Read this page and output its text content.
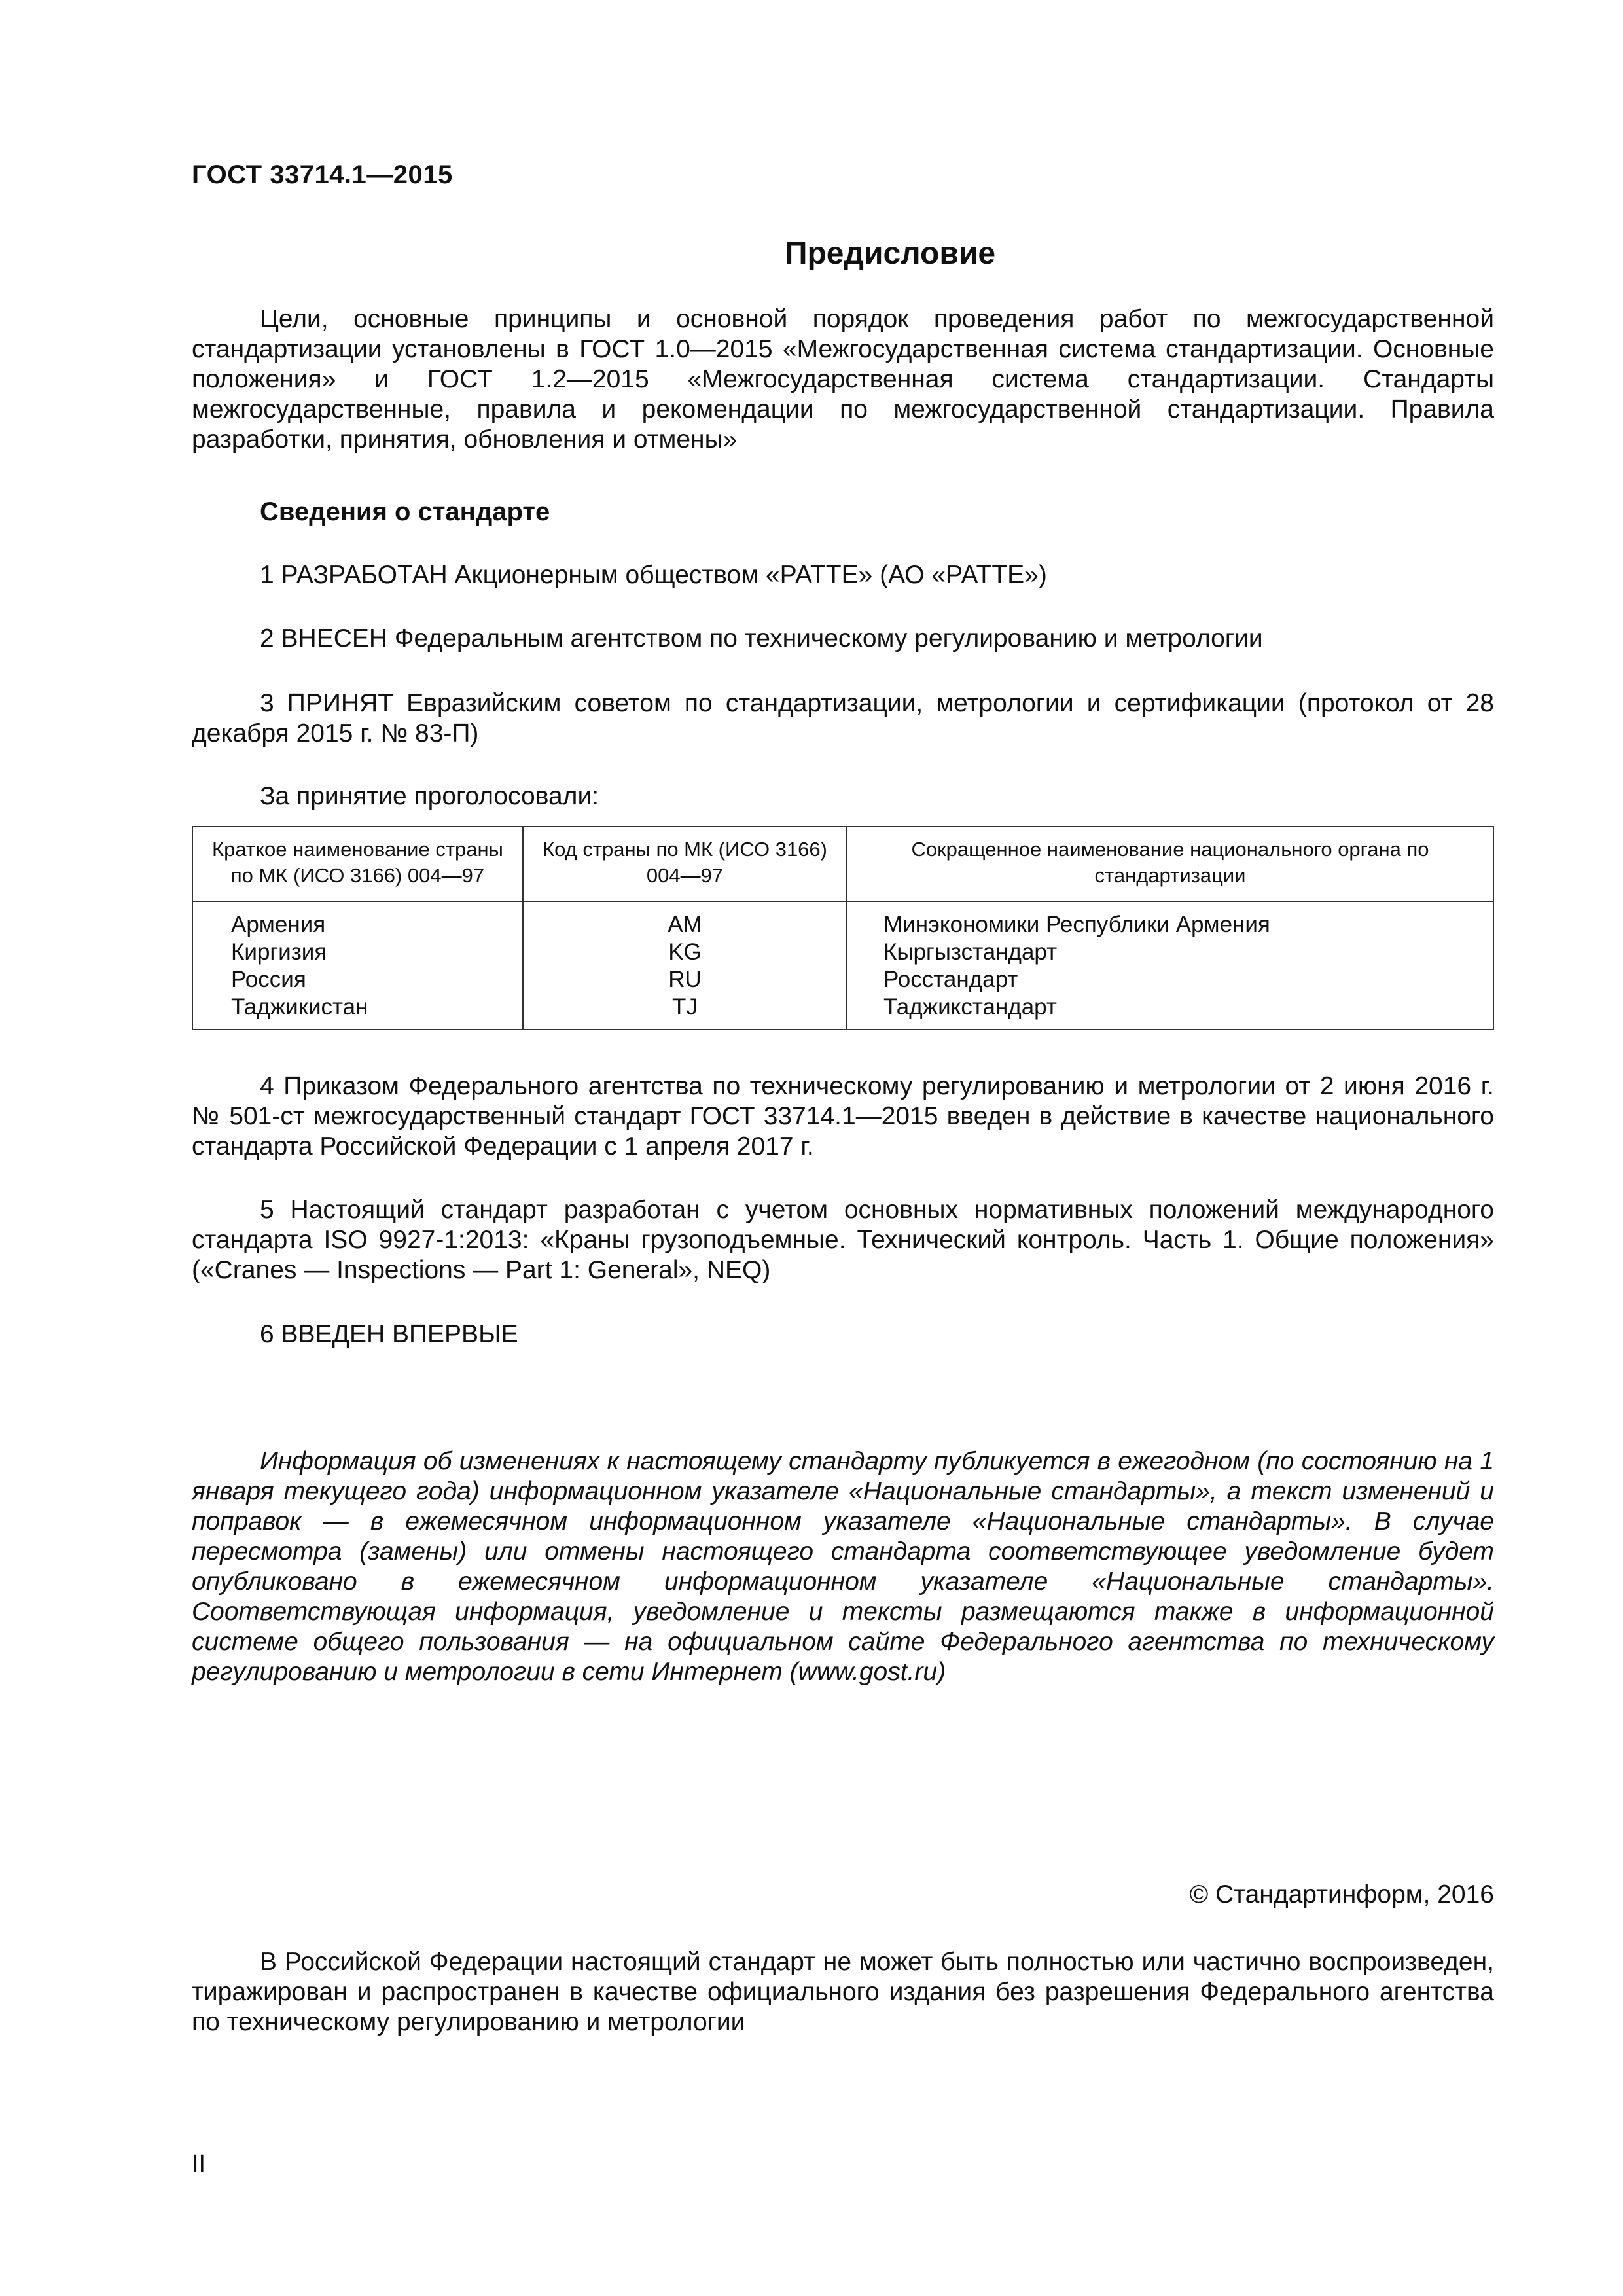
ГОСТ 33714.1—2015
Предисловие

Цели, основные принципы и основной порядок проведения работ по межгосударственной стандартизации установлены в ГОСТ 1.0—2015 «Межгосударственная система стандартизации. Основные положения» и ГОСТ 1.2—2015 «Межгосударственная система стандартизации. Стандарты межгосударственные, правила и рекомендации по межгосударственной стандартизации. Правила разработки, принятия, обновления и отмены»

Сведения о стандарте

1 РАЗРАБОТАН Акционерным обществом «РАТТЕ» (АО «РАТТЕ»)

2 ВНЕСЕН Федеральным агентством по техническому регулированию и метрологии

3 ПРИНЯТ Евразийским советом по стандартизации, метрологии и сертификации (протокол от 28 декабря 2015 г. № 83-П)

За принятие проголосовали:

Краткое наименование страны по МК (ИСО 3166) 004—97	Код страны по МК (ИСО 3166) 004—97	Сокращенное наименование национального органа по стандартизации
Армения	AM	Минэкономики Республики Армения
Киргизия	KG	Кыргызстандарт
Россия	RU	Росстандарт
Таджикистан	TJ	Таджикстандарт

4 Приказом Федерального агентства по техническому регулированию и метрологии от 2 июня 2016 г. № 501-ст межгосударственный стандарт ГОСТ 33714.1—2015 введен в действие в качестве национального стандарта Российской Федерации с 1 апреля 2017 г.

5 Настоящий стандарт разработан с учетом основных нормативных положений международного стандарта ISO 9927-1:2013: «Краны грузоподъемные. Технический контроль. Часть 1. Общие положения» («Cranes — Inspections — Part 1: General», NEQ)

6 ВВЕДЕН ВПЕРВЫЕ

Информация об изменениях к настоящему стандарту публикуется в ежегодном (по состоянию на 1 января текущего года) информационном указателе «Национальные стандарты», а текст изменений и поправок — в ежемесячном информационном указателе «Национальные стандарты». В случае пересмотра (замены) или отмены настоящего стандарта соответствующее уведомление будет опубликовано в ежемесячном информационном указателе «Национальные стандарты». Соответствующая информация, уведомление и тексты размещаются также в информационной системе общего пользования — на официальном сайте Федерального агентства по техническому регулированию и метрологии в сети Интернет (www.gost.ru)

© Стандартинформ, 2016

В Российской Федерации настоящий стандарт не может быть полностью или частично воспроизведен, тиражирован и распространен в качестве официального издания без разрешения Федерального агентства по техническому регулированию и метрологии

II
